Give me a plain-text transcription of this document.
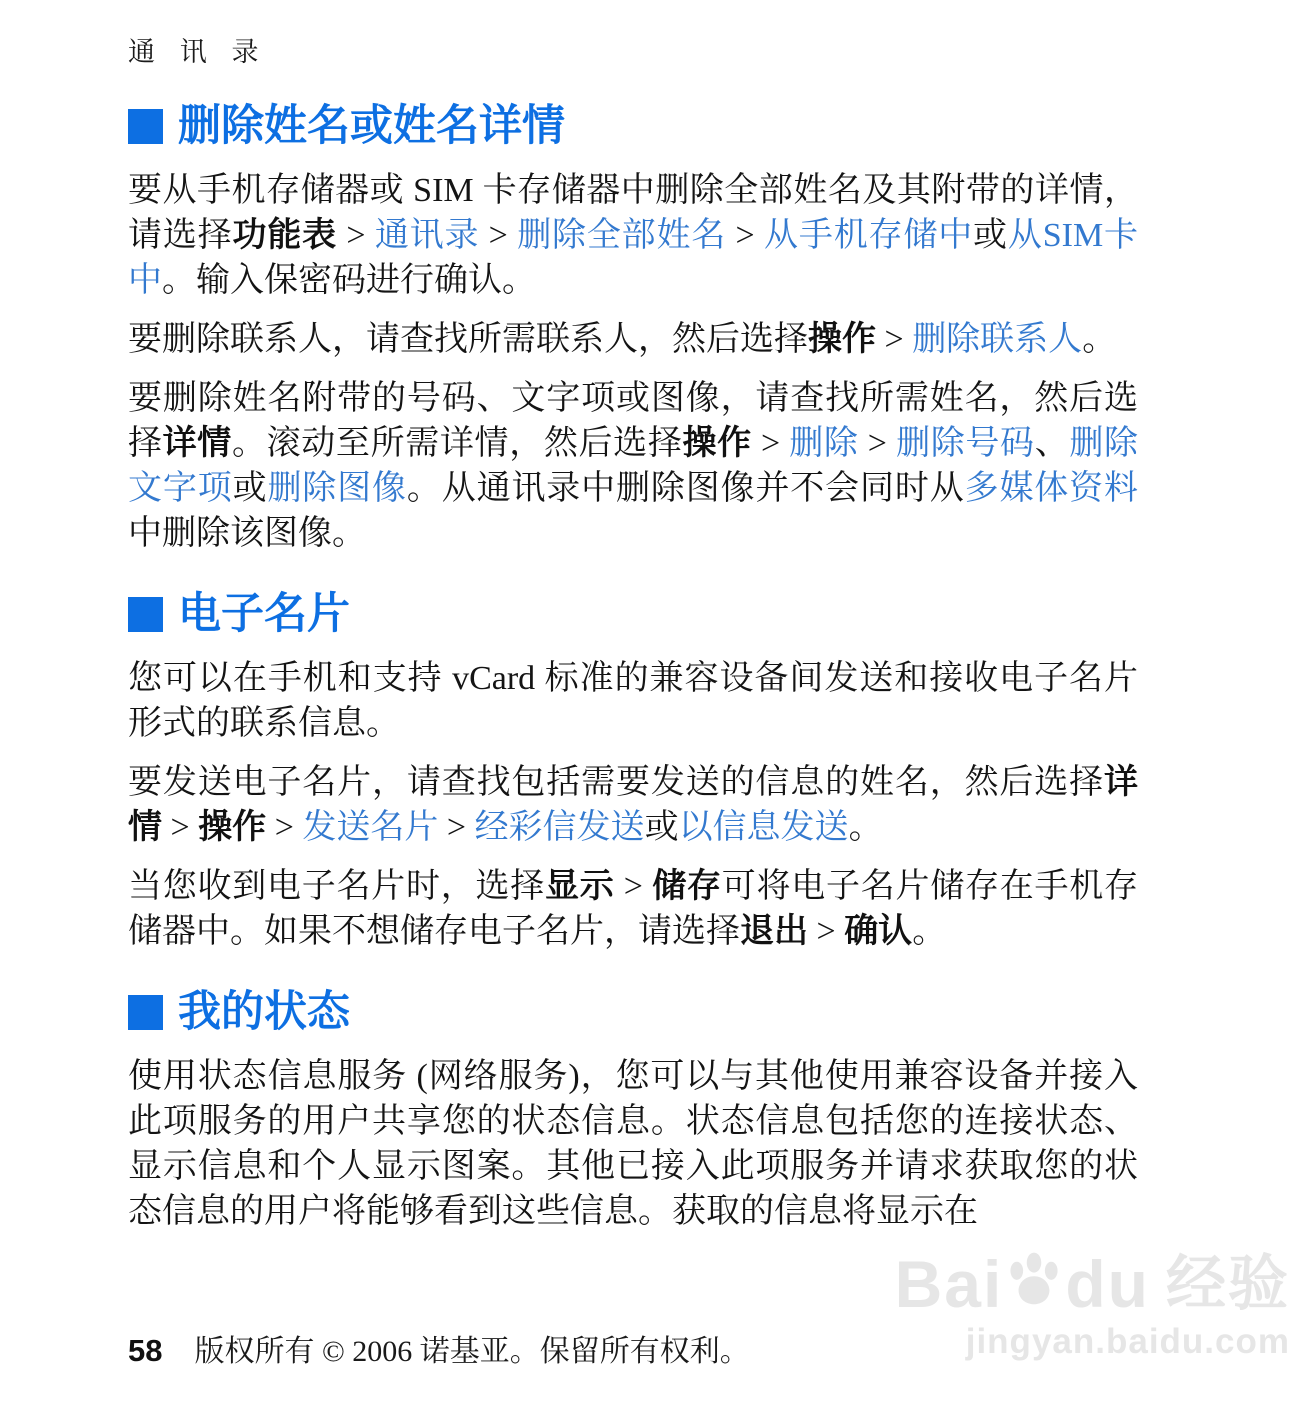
Bai du 经验
jingyan.baidu.com
通 讯 录
删除姓名或姓名详情

要从手机存储器或 SIM 卡存储器中删除全部姓名及其附带的详情，请选择功能表 > 通讯录 > 删除全部姓名 > 从手机存储中或从SIM卡中。输入保密码进行确认。

要删除联系人，请查找所需联系人，然后选择操作 > 删除联系人。

要删除姓名附带的号码、文字项或图像，请查找所需姓名，然后选择详情。滚动至所需详情，然后选择操作 > 删除 > 删除号码、删除文字项或删除图像。从通讯录中删除图像并不会同时从多媒体资料中删除该图像。

电子名片

您可以在手机和支持 vCard 标准的兼容设备间发送和接收电子名片形式的联系信息。

要发送电子名片，请查找包括需要发送的信息的姓名，然后选择详情 > 操作 > 发送名片 > 经彩信发送或以信息发送。

当您收到电子名片时，选择显示 > 储存可将电子名片储存在手机存储器中。如果不想储存电子名片，请选择退出 > 确认。

我的状态

使用状态信息服务 (网络服务)，您可以与其他使用兼容设备并接入此项服务的用户共享您的状态信息。状态信息包括您的连接状态、显示信息和个人显示图案。其他已接入此项服务并请求获取您的状态信息的用户将能够看到这些信息。获取的信息将显示在

58 版权所有 © 2006 诺基亚。保留所有权利。
